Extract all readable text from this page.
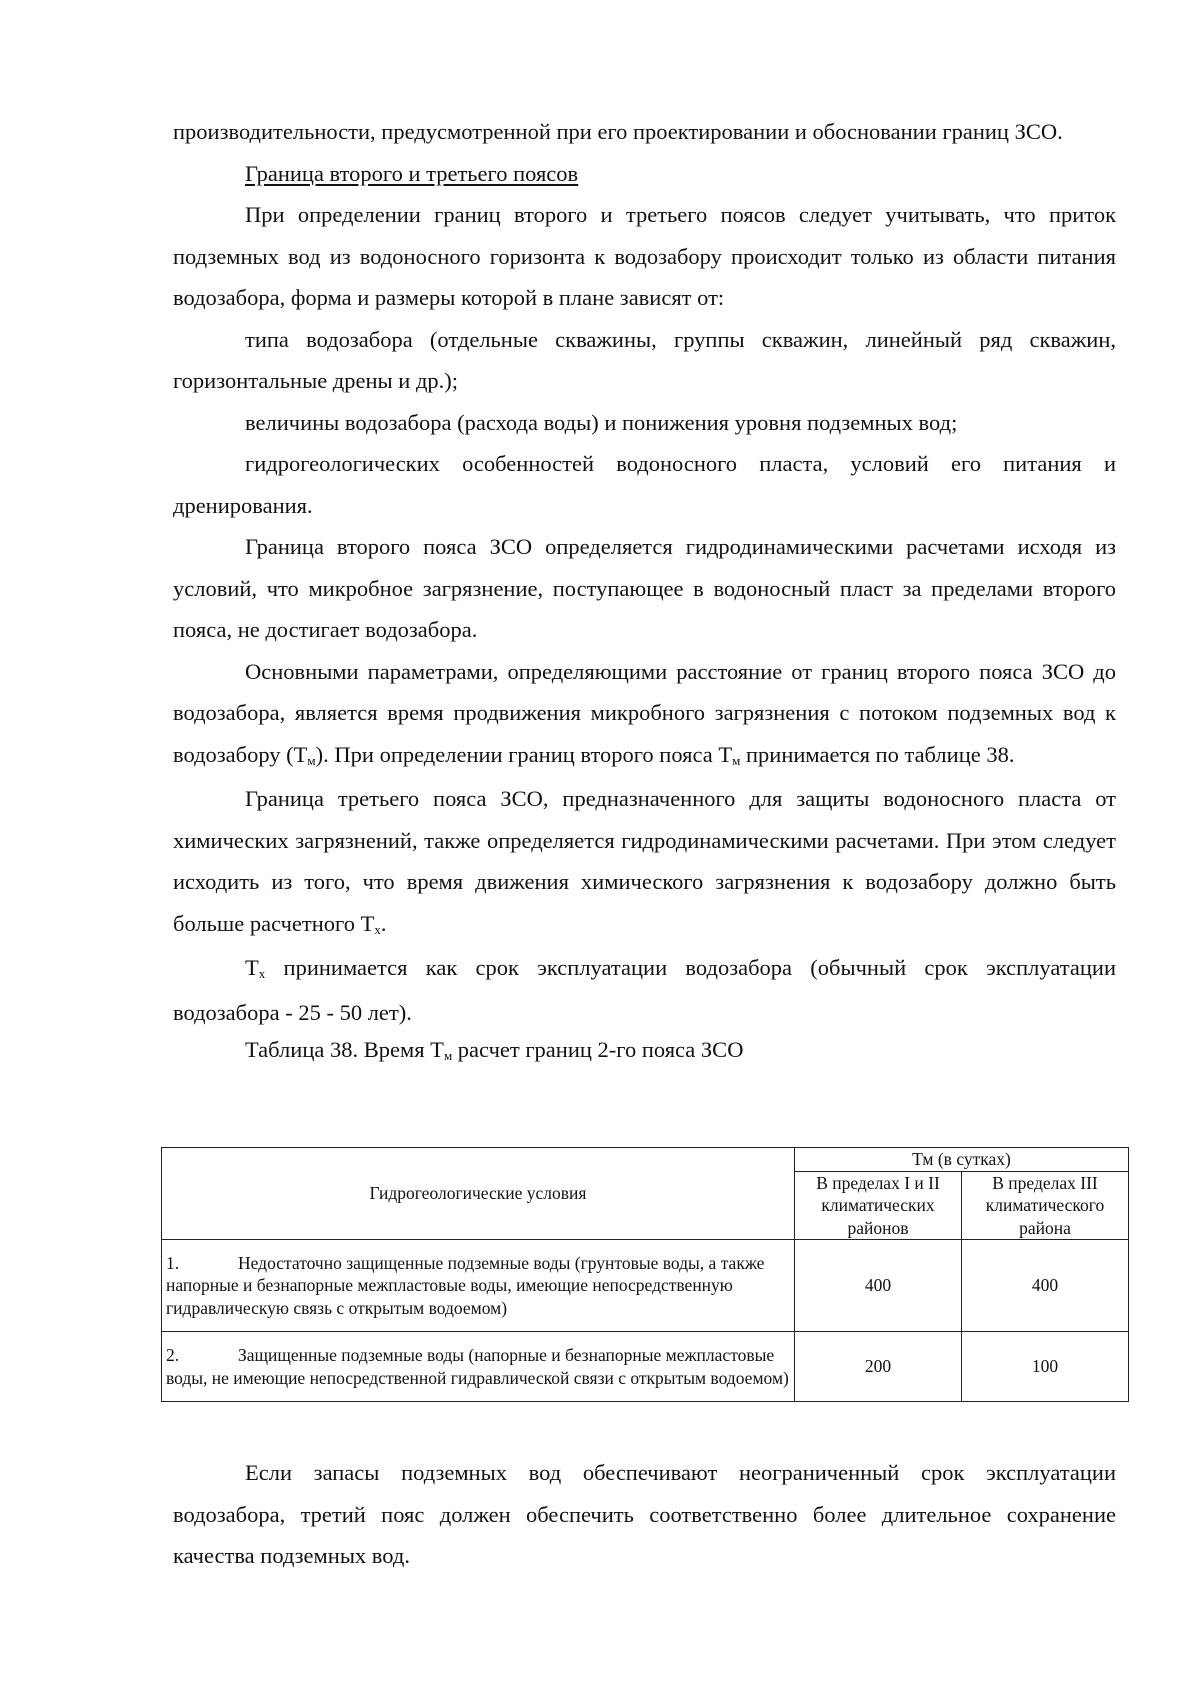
производительности, предусмотренной при его проектировании и обосновании границ ЗСО.

Граница второго и третьего поясов

При определении границ второго и третьего поясов следует учитывать, что приток подземных вод из водоносного горизонта к водозабору происходит только из области питания водозабора, форма и размеры которой в плане зависят от:

типа водозабора (отдельные скважины, группы скважин, линейный ряд скважин, горизонтальные дрены и др.);

величины водозабора (расхода воды) и понижения уровня подземных вод;

гидрогеологических особенностей водоносного пласта, условий его питания и дренирования.

Граница второго пояса ЗСО определяется гидродинамическими расчетами исходя из условий, что микробное загрязнение, поступающее в водоносный пласт за пределами второго пояса, не достигает водозабора.

Основными параметрами, определяющими расстояние от границ второго пояса ЗСО до водозабора, является время продвижения микробного загрязнения с потоком подземных вод к водозабору $(Т_м)$. При определении границ второго пояса $Т_м$ принимается по таблице 38.

Граница третьего пояса ЗСО, предназначенного для защиты водоносного пласта от химических загрязнений, также определяется гидродинамическими расчетами. При этом следует исходить из того, что время движения химического загрязнения к водозабору должно быть больше расчетного $Т_х$.

$Т_х$ принимается как срок эксплуатации водозабора (обычный срок эксплуатации водозабора - 25 - 50 лет).

Таблица 38. Время $Т_м$ расчет границ 2-го пояса ЗСО
Гидрогеологические условия	Тм (в сутках)	
	В пределах I и II климатических районов	В пределах III климатического района
1. Недостаточно защищенные подземные воды (грунтовые воды, а также напорные и безнапорные межпластовые воды, имеющие непосредственную гидравлическую связь с открытым водоемом)	400	400
2. Защищенные подземные воды (напорные и безнапорные межпластовые воды, не имеющие непосредственной гидравлической связи с открытым водоемом)	200	100

Если запасы подземных вод обеспечивают неограниченный срок эксплуатации водозабора, третий пояс должен обеспечить соответственно более длительное сохранение качества подземных вод.
